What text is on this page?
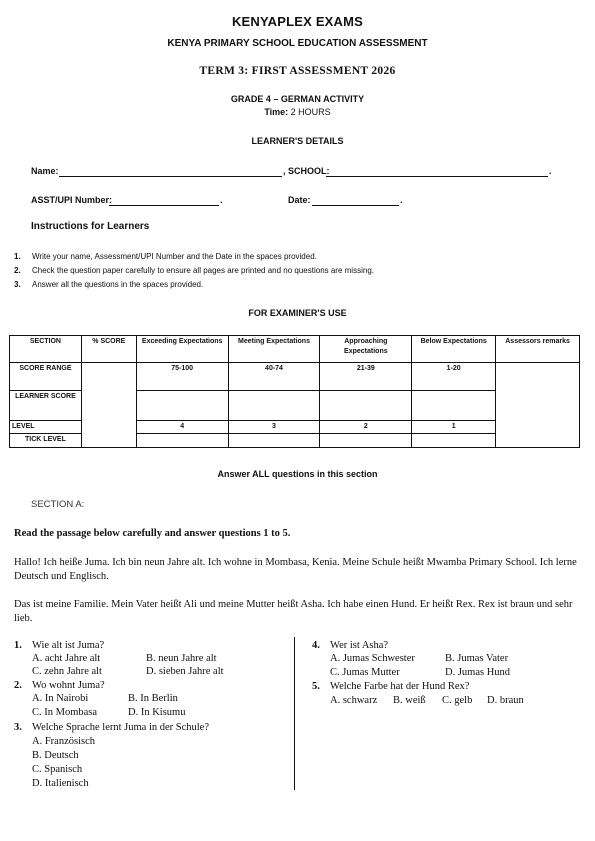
KENYAPLEX EXAMS
KENYA PRIMARY SCHOOL EDUCATION ASSESSMENT
TERM 3: FIRST ASSESSMENT 2026
GRADE 4 – GERMAN ACTIVITY
Time: 2 HOURS
LEARNER'S DETAILS
Name:	, SCHOOL:	.
ASST/UPI Number:	.	Date:	.
Instructions for Learners
1. Write your name, Assessment/UPI Number and the Date in the spaces provided.
2. Check the question paper carefully to ensure all pages are printed and no questions are missing.
3. Answer all the questions in the spaces provided.
FOR EXAMINER'S USE
SECTION	% SCORE	Exceeding Expectations	Meeting Expectations	Approaching Expectations	Below Expectations	Assessors remarks
SCORE RANGE		75-100	40-74	21-39	1-20	
LEARNER SCORE						
LEVEL		4	3	2	1	
TICK LEVEL						
Answer ALL questions in this section
SECTION A:
Read the passage below carefully and answer questions 1 to 5.
Hallo! Ich heiße Juma. Ich bin neun Jahre alt. Ich wohne in Mombasa, Kenia. Meine Schule heißt Mwamba Primary School. Ich lerne Deutsch und Englisch.
Das ist meine Familie. Mein Vater heißt Ali und meine Mutter heißt Asha. Ich habe einen Hund. Er heißt Rex. Rex ist braun und sehr lieb.
1. Wie alt ist Juma?
A. acht Jahre alt	B. neun Jahre alt
C. zehn Jahre alt	D. sieben Jahre alt
2. Wo wohnt Juma?
A. In Nairobi	B. In Berlin
C. In Mombasa	D. In Kisumu
3. Welche Sprache lernt Juma in der Schule?
A. Französisch
B. Deutsch
C. Spanisch
D. Italienisch
4. Wer ist Asha?
A. Jumas Schwester	B. Jumas Vater
C. Jumas Mutter	D. Jumas Hund
5. Welche Farbe hat der Hund Rex?
A. schwarz B. weiß C. gelb D. braun
